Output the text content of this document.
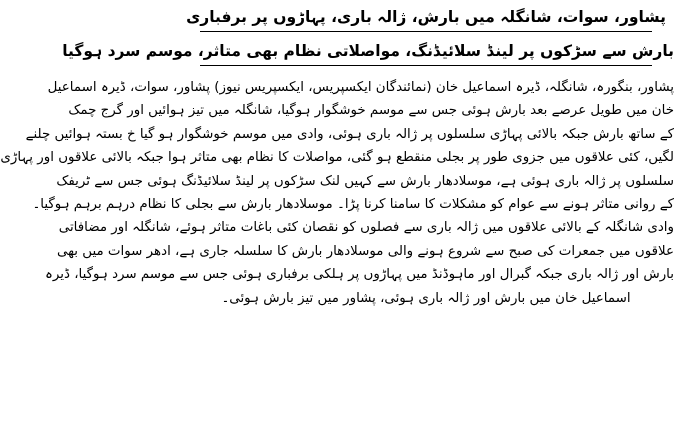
پشاور، سوات، شانگلہ میں بارش، ژالہ باری، پہاڑوں پر برفباری
بارش سے سڑکوں پر لینڈ سلائیڈنگ، مواصلاتی نظام بھی متاثر، موسم سرد ہوگیا
پشاور، بنگورہ، شانگلہ، ڈیرہ اسماعیل خان (نمائندگان ایکسپریس، ایکسپریس نیوز) پشاور، سوات، ڈیرہ اسماعیل
خان میں طویل عرصے بعد بارش ہوئی جس سے موسم خوشگوار ہوگیا، شانگلہ میں تیز ہوائیں اور گرج چمک
کے ساتھ بارش جبکہ بالائی پہاڑی سلسلوں پر ژالہ باری ہوئی، وادی میں موسم خوشگوار ہو گیا خ بستہ ہوائیں چلنے
لگیں، کئی علاقوں میں جزوی طور پر بجلی منقطع ہو گئی، مواصلات کا نظام بھی متاثر ہوا جبکہ بالائی علاقوں اور پہاڑی
سلسلوں پر ژالہ باری ہوئی ہے، موسلادھار بارش سے کہیں لنک سڑکوں پر لینڈ سلائیڈنگ ہوئی جس سے ٹریفک
کے روانی متاثر ہونے سے عوام کو مشکلات کا سامنا کرنا پڑا۔ موسلادھار بارش سے بجلی کا نظام درہم برہم ہوگیا۔
وادی شانگلہ کے بالائی علاقوں میں ژالہ باری سے فصلوں کو نقصان کئی باغات متاثر ہوئے، شانگلہ اور مضافاتی
علاقوں میں جمعرات کی صبح سے شروع ہونے والی موسلادھار بارش کا سلسلہ جاری ہے، ادھر سوات میں بھی
بارش اور ژالہ باری جبکہ گبرال اور ماہوڈنڈ میں پہاڑوں پر ہلکی برفباری ہوئی جس سے موسم سرد ہوگیا، ڈیرہ
اسماعیل خان میں بارش اور ژالہ باری ہوئی، پشاور میں تیز بارش ہوئی۔
